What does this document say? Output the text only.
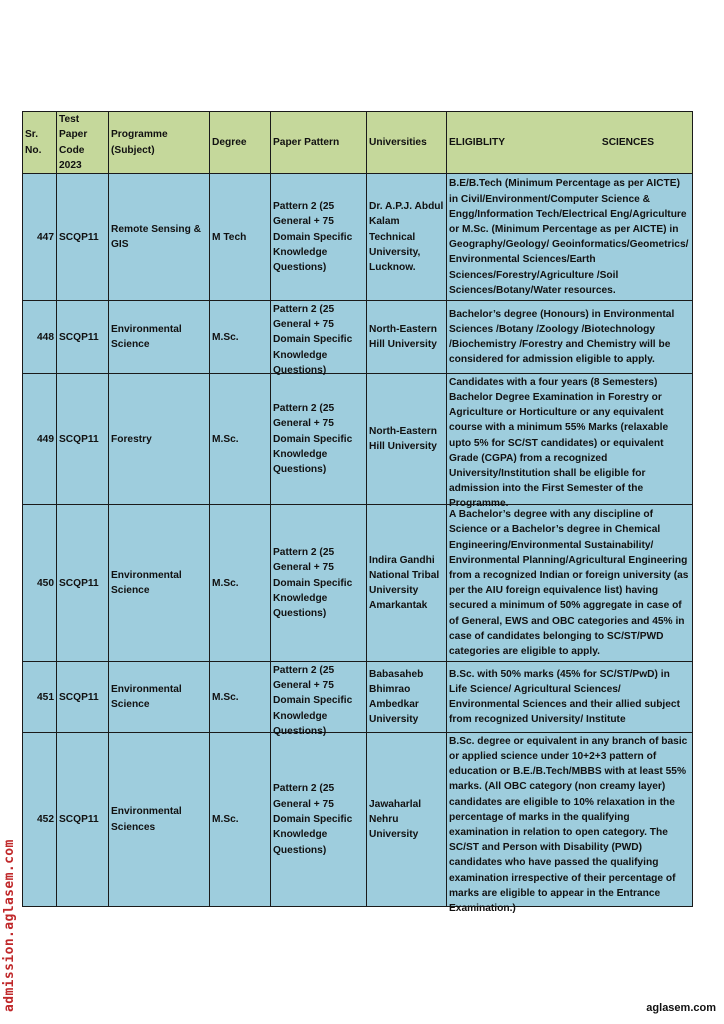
Sr. No.	Test Paper Code 2023	Programme (Subject)	Degree	Paper Pattern	Universities	ELIGIBLITY SCIENCES

447	SCQP11	Remote Sensing & GIS	M Tech	Pattern 2 (25 General + 75 Domain Specific Knowledge Questions)	Dr. A.P.J. Abdul Kalam Technical University, Lucknow.	B.E/B.Tech (Minimum Percentage as per AICTE) in Civil/Environment/Computer Science & Engg/Information Tech/Electrical Eng/Agriculture or M.Sc. (Minimum Percentage as per AICTE) in Geography/Geology/ Geoinformatics/Geometrics/ Environmental Sciences/Earth Sciences/Forestry/Agriculture /Soil Sciences/Botany/Water resources.

448	SCQP11	Environmental Science	M.Sc.	Pattern 2 (25 General + 75 Domain Specific Knowledge Questions)	North-Eastern Hill University	Bachelor’s degree (Honours) in Environmental Sciences /Botany /Zoology /Biotechnology /Biochemistry /Forestry and Chemistry will be considered for admission eligible to apply.

449	SCQP11	Forestry	M.Sc.	Pattern 2 (25 General + 75 Domain Specific Knowledge Questions)	North-Eastern Hill University	Candidates with a four years (8 Semesters) Bachelor Degree Examination in Forestry or Agriculture or Horticulture or any equivalent course with a minimum 55% Marks (relaxable upto 5% for SC/ST candidates) or equivalent Grade (CGPA) from a recognized University/Institution shall be eligible for admission into the First Semester of the Programme.

450	SCQP11	Environmental Science	M.Sc.	Pattern 2 (25 General + 75 Domain Specific Knowledge Questions)	Indira Gandhi National Tribal University Amarkantak	A Bachelor’s degree with any discipline of Science or a Bachelor’s degree in Chemical Engineering/Environmental Sustainability/ Environmental Planning/Agricultural Engineering from a recognized Indian or foreign university (as per the AIU foreign equivalence list) having secured a minimum of 50% aggregate in case of of General, EWS and OBC categories and 45% in case of candidates belonging to SC/ST/PWD categories are eligible to apply.

451	SCQP11	Environmental Science	M.Sc.	Pattern 2 (25 General + 75 Domain Specific Knowledge Questions)	Babasaheb Bhimrao Ambedkar University	B.Sc. with 50% marks (45% for SC/ST/PwD) in Life Science/ Agricultural Sciences/ Environmental Sciences and their allied subject from recognized University/ Institute

452	SCQP11	Environmental Sciences	M.Sc.	Pattern 2 (25 General + 75 Domain Specific Knowledge Questions)	Jawaharlal Nehru University	B.Sc. degree or equivalent in any branch of basic or applied science under 10+2+3 pattern of education or B.E./B.Tech/MBBS with at least 55% marks. (All OBC category (non creamy layer) candidates are eligible to 10% relaxation in the percentage of marks in the qualifying examination in relation to open category. The SC/ST and Person with Disability (PWD) candidates who have passed the qualifying examination irrespective of their percentage of marks are eligible to appear in the Entrance Examination.)
admission.aglasem.com	aglasem.com
